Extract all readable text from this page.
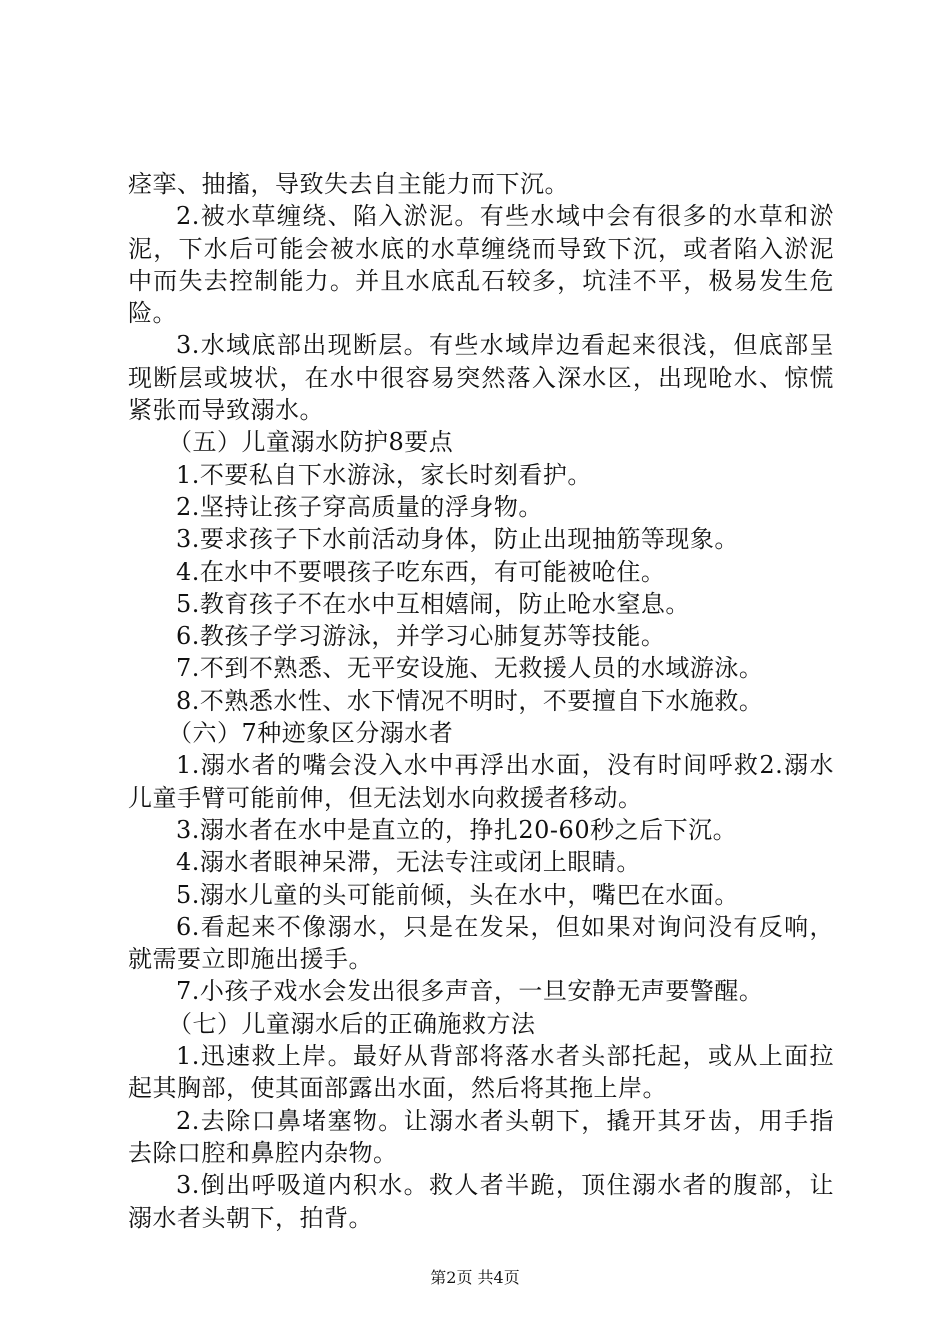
痉挛、抽搐，导致失去自主能力而下沉。

2.被水草缠绕、陷入淤泥。有些水域中会有很多的水草和淤泥，下水后可能会被水底的水草缠绕而导致下沉，或者陷入淤泥中而失去控制能力。并且水底乱石较多，坑洼不平，极易发生危险。

3.水域底部出现断层。有些水域岸边看起来很浅，但底部呈现断层或坡状，在水中很容易突然落入深水区，出现呛水、惊慌紧张而导致溺水。

（五）儿童溺水防护8要点

1.不要私自下水游泳，家长时刻看护。

2.坚持让孩子穿高质量的浮身物。

3.要求孩子下水前活动身体，防止出现抽筋等现象。

4.在水中不要喂孩子吃东西，有可能被呛住。

5.教育孩子不在水中互相嬉闹，防止呛水窒息。

6.教孩子学习游泳，并学习心肺复苏等技能。

7.不到不熟悉、无平安设施、无救援人员的水域游泳。

8.不熟悉水性、水下情况不明时，不要擅自下水施救。

（六）7种迹象区分溺水者

1.溺水者的嘴会没入水中再浮出水面，没有时间呼救2.溺水儿童手臂可能前伸，但无法划水向救援者移动。

3.溺水者在水中是直立的，挣扎20-60秒之后下沉。

4.溺水者眼神呆滞，无法专注或闭上眼睛。

5.溺水儿童的头可能前倾，头在水中，嘴巴在水面。

6.看起来不像溺水，只是在发呆，但如果对询问没有反响，就需要立即施出援手。

7.小孩子戏水会发出很多声音，一旦安静无声要警醒。

（七）儿童溺水后的正确施救方法

1.迅速救上岸。最好从背部将落水者头部托起，或从上面拉起其胸部，使其面部露出水面，然后将其拖上岸。

2.去除口鼻堵塞物。让溺水者头朝下，撬开其牙齿，用手指去除口腔和鼻腔内杂物。

3.倒出呼吸道内积水。救人者半跪，顶住溺水者的腹部，让溺水者头朝下，拍背。

第2页 共4页
